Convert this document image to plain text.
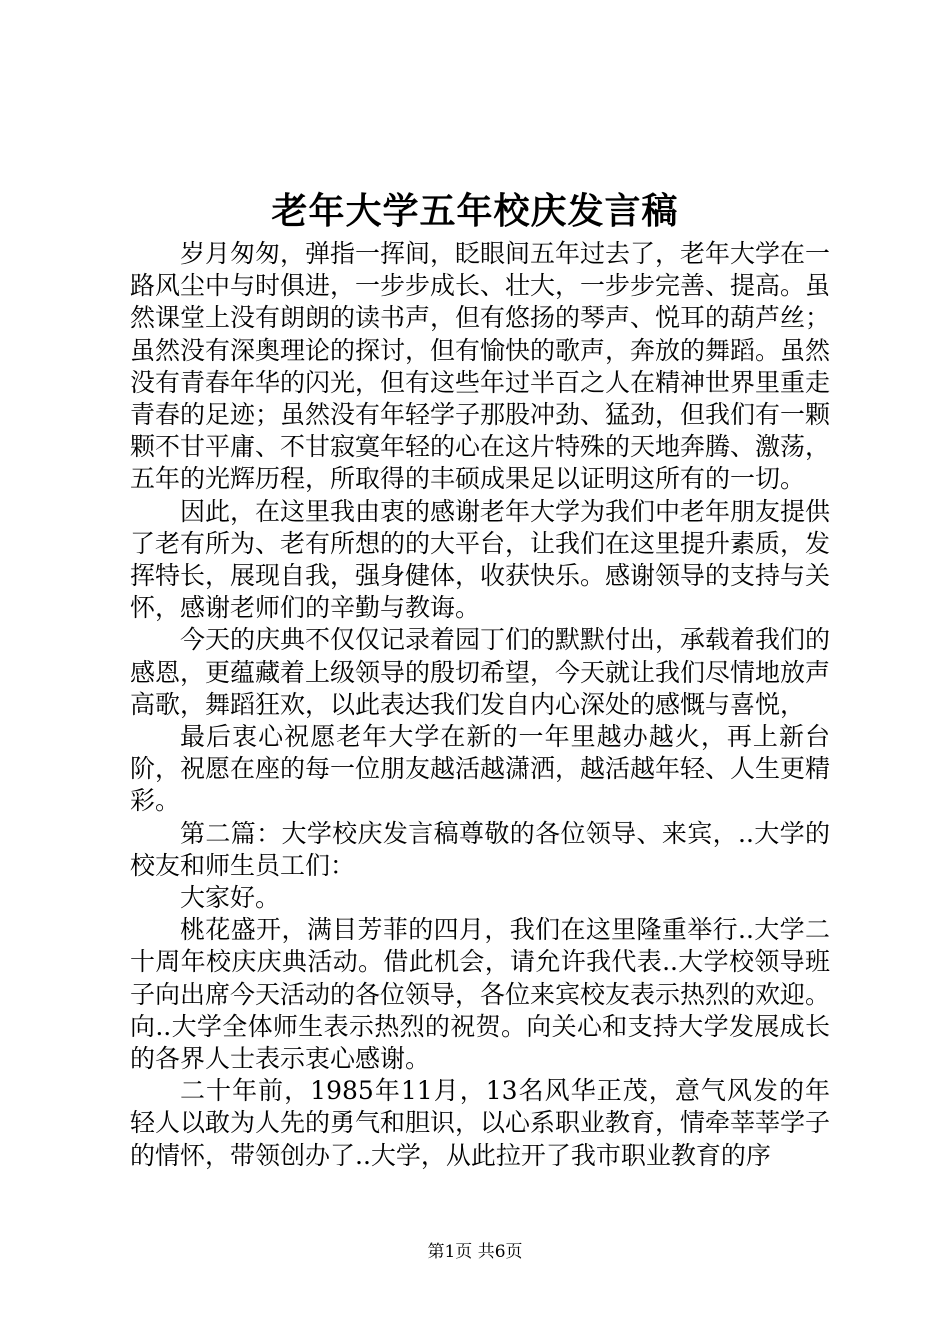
老年大学五年校庆发言稿

岁月匆匆，弹指一挥间，眨眼间五年过去了，老年大学在一路风尘中与时俱进，一步步成长、壮大，一步步完善、提高。虽然课堂上没有朗朗的读书声，但有悠扬的琴声、悦耳的葫芦丝；虽然没有深奥理论的探讨，但有愉快的歌声，奔放的舞蹈。虽然没有青春年华的闪光，但有这些年过半百之人在精神世界里重走青春的足迹；虽然没有年轻学子那股冲劲、猛劲，但我们有一颗颗不甘平庸、不甘寂寞年轻的心在这片特殊的天地奔腾、激荡，五年的光辉历程，所取得的丰硕成果足以证明这所有的一切。

因此，在这里我由衷的感谢老年大学为我们中老年朋友提供了老有所为、老有所想的的大平台，让我们在这里提升素质，发挥特长，展现自我，强身健体，收获快乐。感谢领导的支持与关怀，感谢老师们的辛勤与教诲。

今天的庆典不仅仅记录着园丁们的默默付出，承载着我们的感恩，更蕴藏着上级领导的殷切希望，今天就让我们尽情地放声高歌，舞蹈狂欢，以此表达我们发自内心深处的感慨与喜悦，

最后衷心祝愿老年大学在新的一年里越办越火，再上新台阶，祝愿在座的每一位朋友越活越潇洒，越活越年轻、人生更精彩。

第二篇：大学校庆发言稿尊敬的各位领导、来宾，..大学的校友和师生员工们：

大家好。

桃花盛开，满目芳菲的四月，我们在这里隆重举行..大学二十周年校庆庆典活动。借此机会，请允许我代表..大学校领导班子向出席今天活动的各位领导，各位来宾校友表示热烈的欢迎。向..大学全体师生表示热烈的祝贺。向关心和支持大学发展成长的各界人士表示衷心感谢。

二十年前，1985年11月，13名风华正茂，意气风发的年轻人以敢为人先的勇气和胆识，以心系职业教育，情牵莘莘学子的情怀，带领创办了..大学，从此拉开了我市职业教育的序

第1页 共6页
